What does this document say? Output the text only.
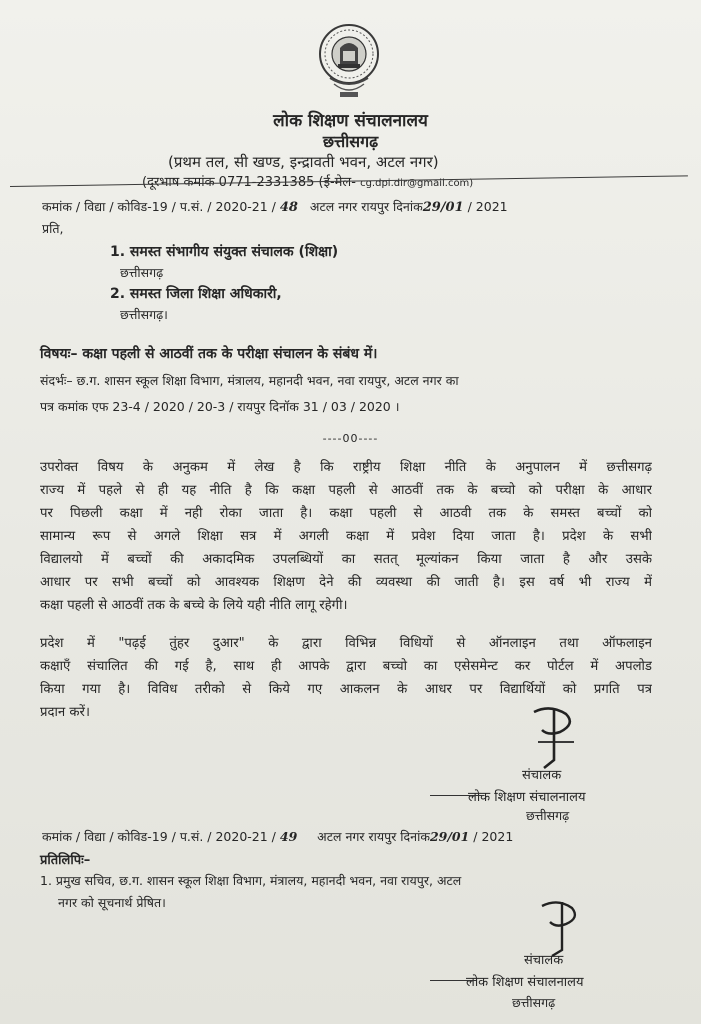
लोक शिक्षण संचालनालय
छत्तीसगढ़
(प्रथम तल, सी खण्ड, इन्द्रावती भवन, अटल नगर)
(दूरभाष कमांक 0771-2331385 (ई-मेल- cg.dpi.dir@gmail.com)
कमांक / विद्या / कोविड-19 / प.सं. / 2020-21 / 48 अटल नगर रायपुर दिनांक29/01 / 2021
प्रति,
1. समस्त संभागीय संयुक्त संचालक (शिक्षा)
छत्तीसगढ़
2. समस्त जिला शिक्षा अधिकारी,
छत्तीसगढ़।
विषयः– कक्षा पहली से आठवीं तक के परीक्षा संचालन के संबंध में।
संदर्भः– छ.ग. शासन स्कूल शिक्षा विभाग, मंत्रालय, महानदी भवन, नवा रायपुर, अटल नगर का
पत्र कमांक एफ 23-4 / 2020 / 20-3 / रायपुर दिनॉक 31 / 03 / 2020 ।
----00----
उपरोक्त विषय के अनुकम में लेख है कि राष्ट्रीय शिक्षा नीति के अनुपालन में छत्तीसगढ़
राज्य में पहले से ही यह नीति है कि कक्षा पहली से आठवीं तक के बच्चो को परीक्षा के आधार
पर पिछली कक्षा में नही रोका जाता है। कक्षा पहली से आठवी तक के समस्त बच्चों को
सामान्य रूप से अगले शिक्षा सत्र में अगली कक्षा में प्रवेश दिया जाता है। प्रदेश के सभी
विद्यालयो में बच्चों की अकादमिक उपलब्धियों का सतत् मूल्यांकन किया जाता है और उसके
आधार पर सभी बच्चों को आवश्यक शिक्षण देने की व्यवस्था की जाती है। इस वर्ष भी राज्य में
कक्षा पहली से आठवीं तक के बच्चे के लिये यही नीति लागू रहेगी।
प्रदेश में "पढ़ई तुंहर दुआर" के द्वारा विभिन्न विधियों से ऑनलाइन तथा ऑफलाइन
कक्षाएँ संचालित की गई है, साथ ही आपके द्वारा बच्चो का एसेसमेन्ट कर पोर्टल में अपलोड
किया गया है। विविध तरीको से किये गए आकलन के आधर पर विद्यार्थियों को प्रगति पत्र
प्रदान करें।
संचालक
लोक शिक्षण संचालनालय
छत्तीसगढ़
कमांक / विद्या / कोविड-19 / प.सं. / 2020-21 / 49 अटल नगर रायपुर दिनांक29/01 / 2021
प्रतिलिपिः–
1. प्रमुख सचिव, छ.ग. शासन स्कूल शिक्षा विभाग, मंत्रालय, महानदी भवन, नवा रायपुर, अटल
नगर को सूचनार्थ प्रेषित।
संचालक
लोक शिक्षण संचालनालय
छत्तीसगढ़
